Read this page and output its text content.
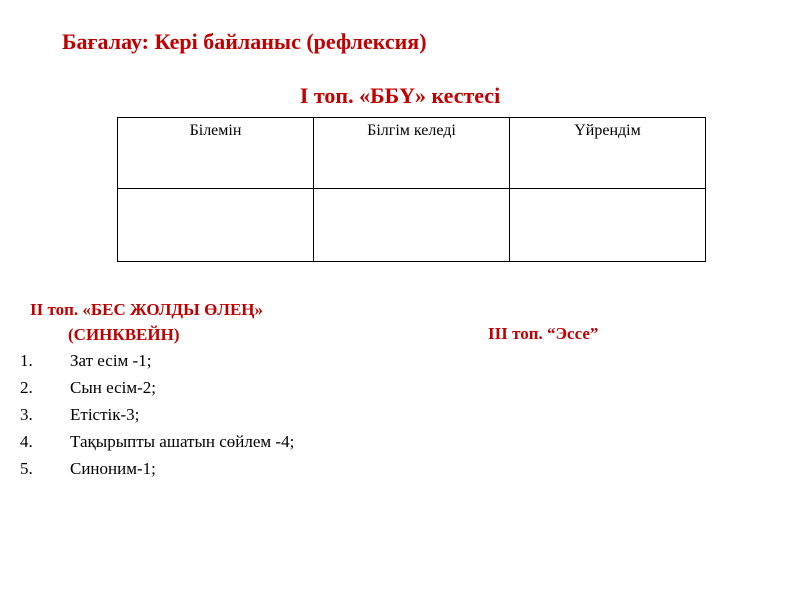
Бағалау: Кері байланыс (рефлексия)
І топ. «ББҮ» кестесі
Білемін	Білгім келеді	Үйрендім

ІІ топ. «БЕС ЖОЛДЫ ӨЛЕҢ»
(СИНКВЕЙН)
1. Зат есім -1;
2. Сын есім-2;
3. Етістік-3;
4. Тақырыпты ашатын сөйлем -4;
5. Синоним-1;
ІІІ топ. “Эссе”
